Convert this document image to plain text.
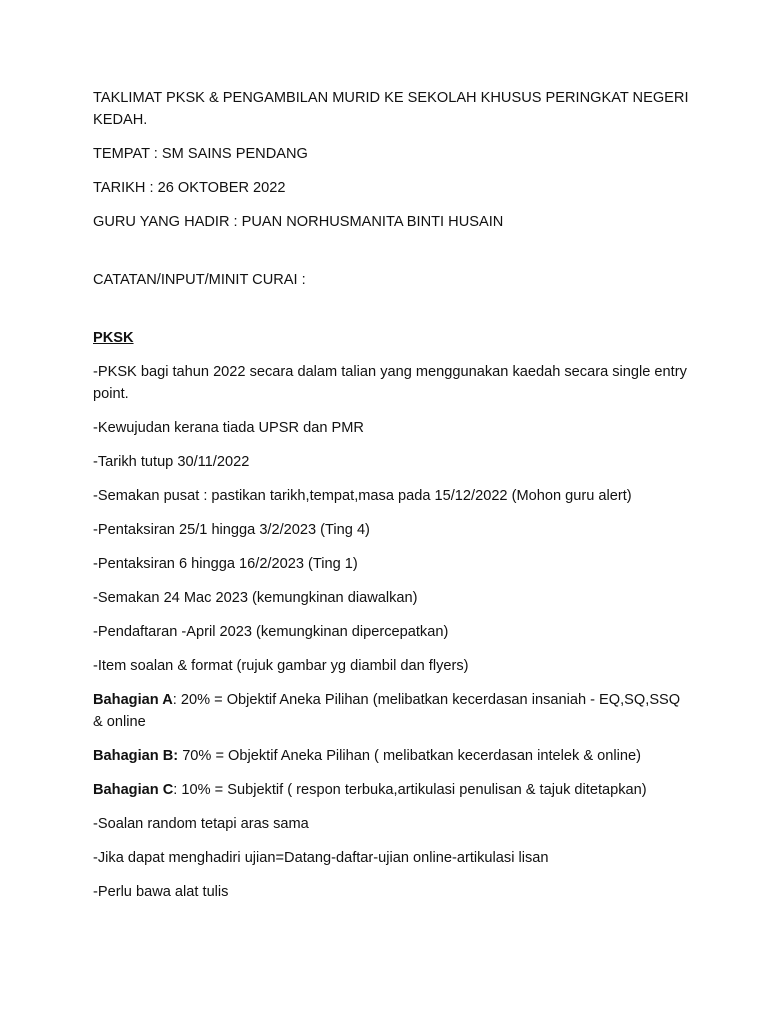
TAKLIMAT PKSK & PENGAMBILAN MURID KE SEKOLAH KHUSUS PERINGKAT NEGERI KEDAH.

TEMPAT : SM SAINS PENDANG

TARIKH : 26 OKTOBER 2022

GURU YANG HADIR : PUAN NORHUSMANITA BINTI HUSAIN

CATATAN/INPUT/MINIT CURAI :

PKSK

-PKSK bagi tahun 2022 secara dalam talian yang menggunakan kaedah secara single entry point.

-Kewujudan kerana tiada UPSR dan PMR

-Tarikh tutup 30/11/2022

-Semakan pusat : pastikan tarikh,tempat,masa pada 15/12/2022 (Mohon guru alert)

-Pentaksiran 25/1 hingga 3/2/2023 (Ting 4)

-Pentaksiran 6 hingga 16/2/2023 (Ting 1)

-Semakan 24 Mac 2023 (kemungkinan diawalkan)

-Pendaftaran -April 2023 (kemungkinan dipercepatkan)

-Item soalan & format (rujuk gambar yg diambil dan flyers)

Bahagian A: 20% = Objektif Aneka Pilihan (melibatkan kecerdasan insaniah - EQ,SQ,SSQ & online

Bahagian B: 70% = Objektif Aneka Pilihan ( melibatkan kecerdasan intelek & online)

Bahagian C: 10% = Subjektif ( respon terbuka,artikulasi penulisan & tajuk ditetapkan)

-Soalan random tetapi aras sama

-Jika dapat menghadiri ujian=Datang-daftar-ujian online-artikulasi lisan

-Perlu bawa alat tulis
